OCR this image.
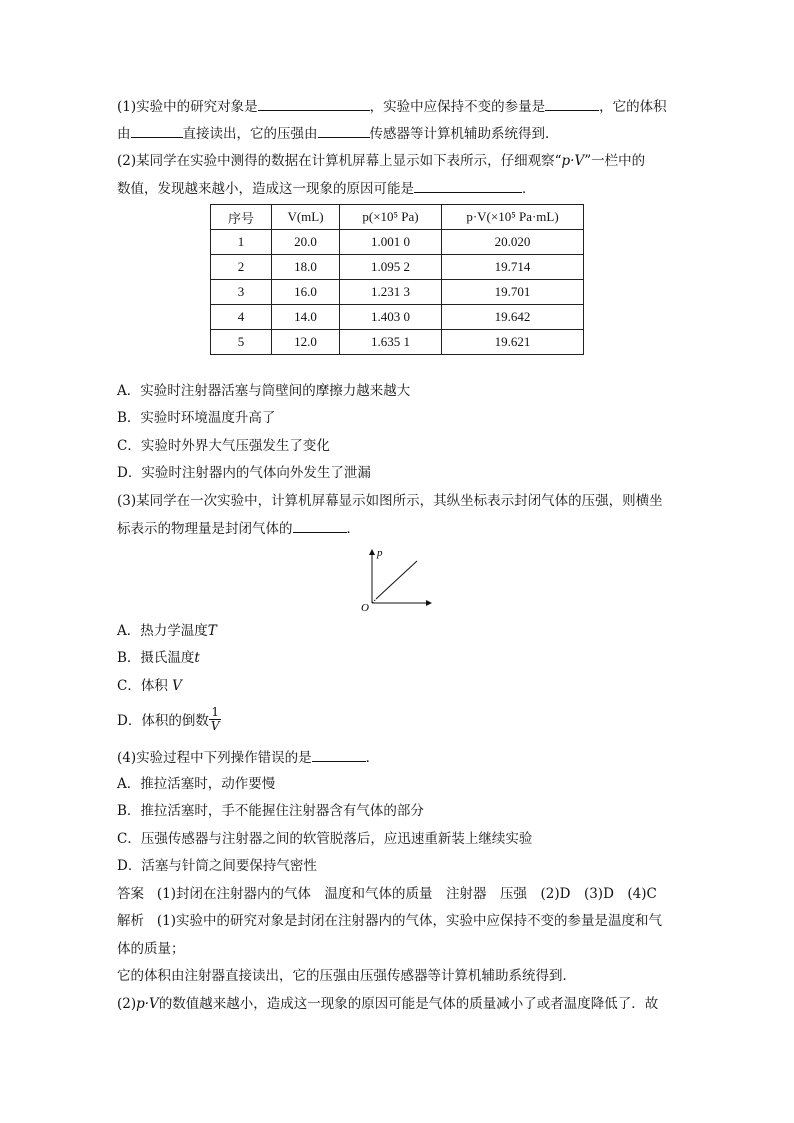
(1)实验中的研究对象是	，实验中应保持不变的参量是	，它的体积
由	直接读出，它的压强由	传感器等计算机辅助系统得到．
(2)某同学在实验中测得的数据在计算机屏幕上显示如下表所示，仔细观察“p·V”一栏中的
数值，发现越来越小，造成这一现象的原因可能是	．
序号	V(mL)	p(×10⁵ Pa)	p·V(×10⁵ Pa·mL)
1	20.0	1.001 0	20.020
2	18.0	1.095 2	19.714
3	16.0	1.231 3	19.701
4	14.0	1.403 0	19.642
5	12.0	1.635 1	19.621
A．实验时注射器活塞与筒壁间的摩擦力越来越大
B．实验时环境温度升高了
C．实验时外界大气压强发生了变化
D．实验时注射器内的气体向外发生了泄漏
(3)某同学在一次实验中，计算机屏幕显示如图所示，其纵坐标表示封闭气体的压强，则横坐
标表示的物理量是封闭气体的	．
p
O
A．热力学温度T
B．摄氏温度t
C．体积 V
D．体积的倒数 $\frac{1}{V}$
(4)实验过程中下列操作错误的是	．
A．推拉活塞时，动作要慢
B．推拉活塞时，手不能握住注射器含有气体的部分
C．压强传感器与注射器之间的软管脱落后，应迅速重新装上继续实验
D．活塞与针筒之间要保持气密性
答案 (1)封闭在注射器内的气体　温度和气体的质量　注射器　压强　(2)D　(3)D　(4)C
解析 (1)实验中的研究对象是封闭在注射器内的气体，实验中应保持不变的参量是温度和气
体的质量；
它的体积由注射器直接读出，它的压强由压强传感器等计算机辅助系统得到．
(2)p·V的数值越来越小，造成这一现象的原因可能是气体的质量减小了或者温度降低了．故
